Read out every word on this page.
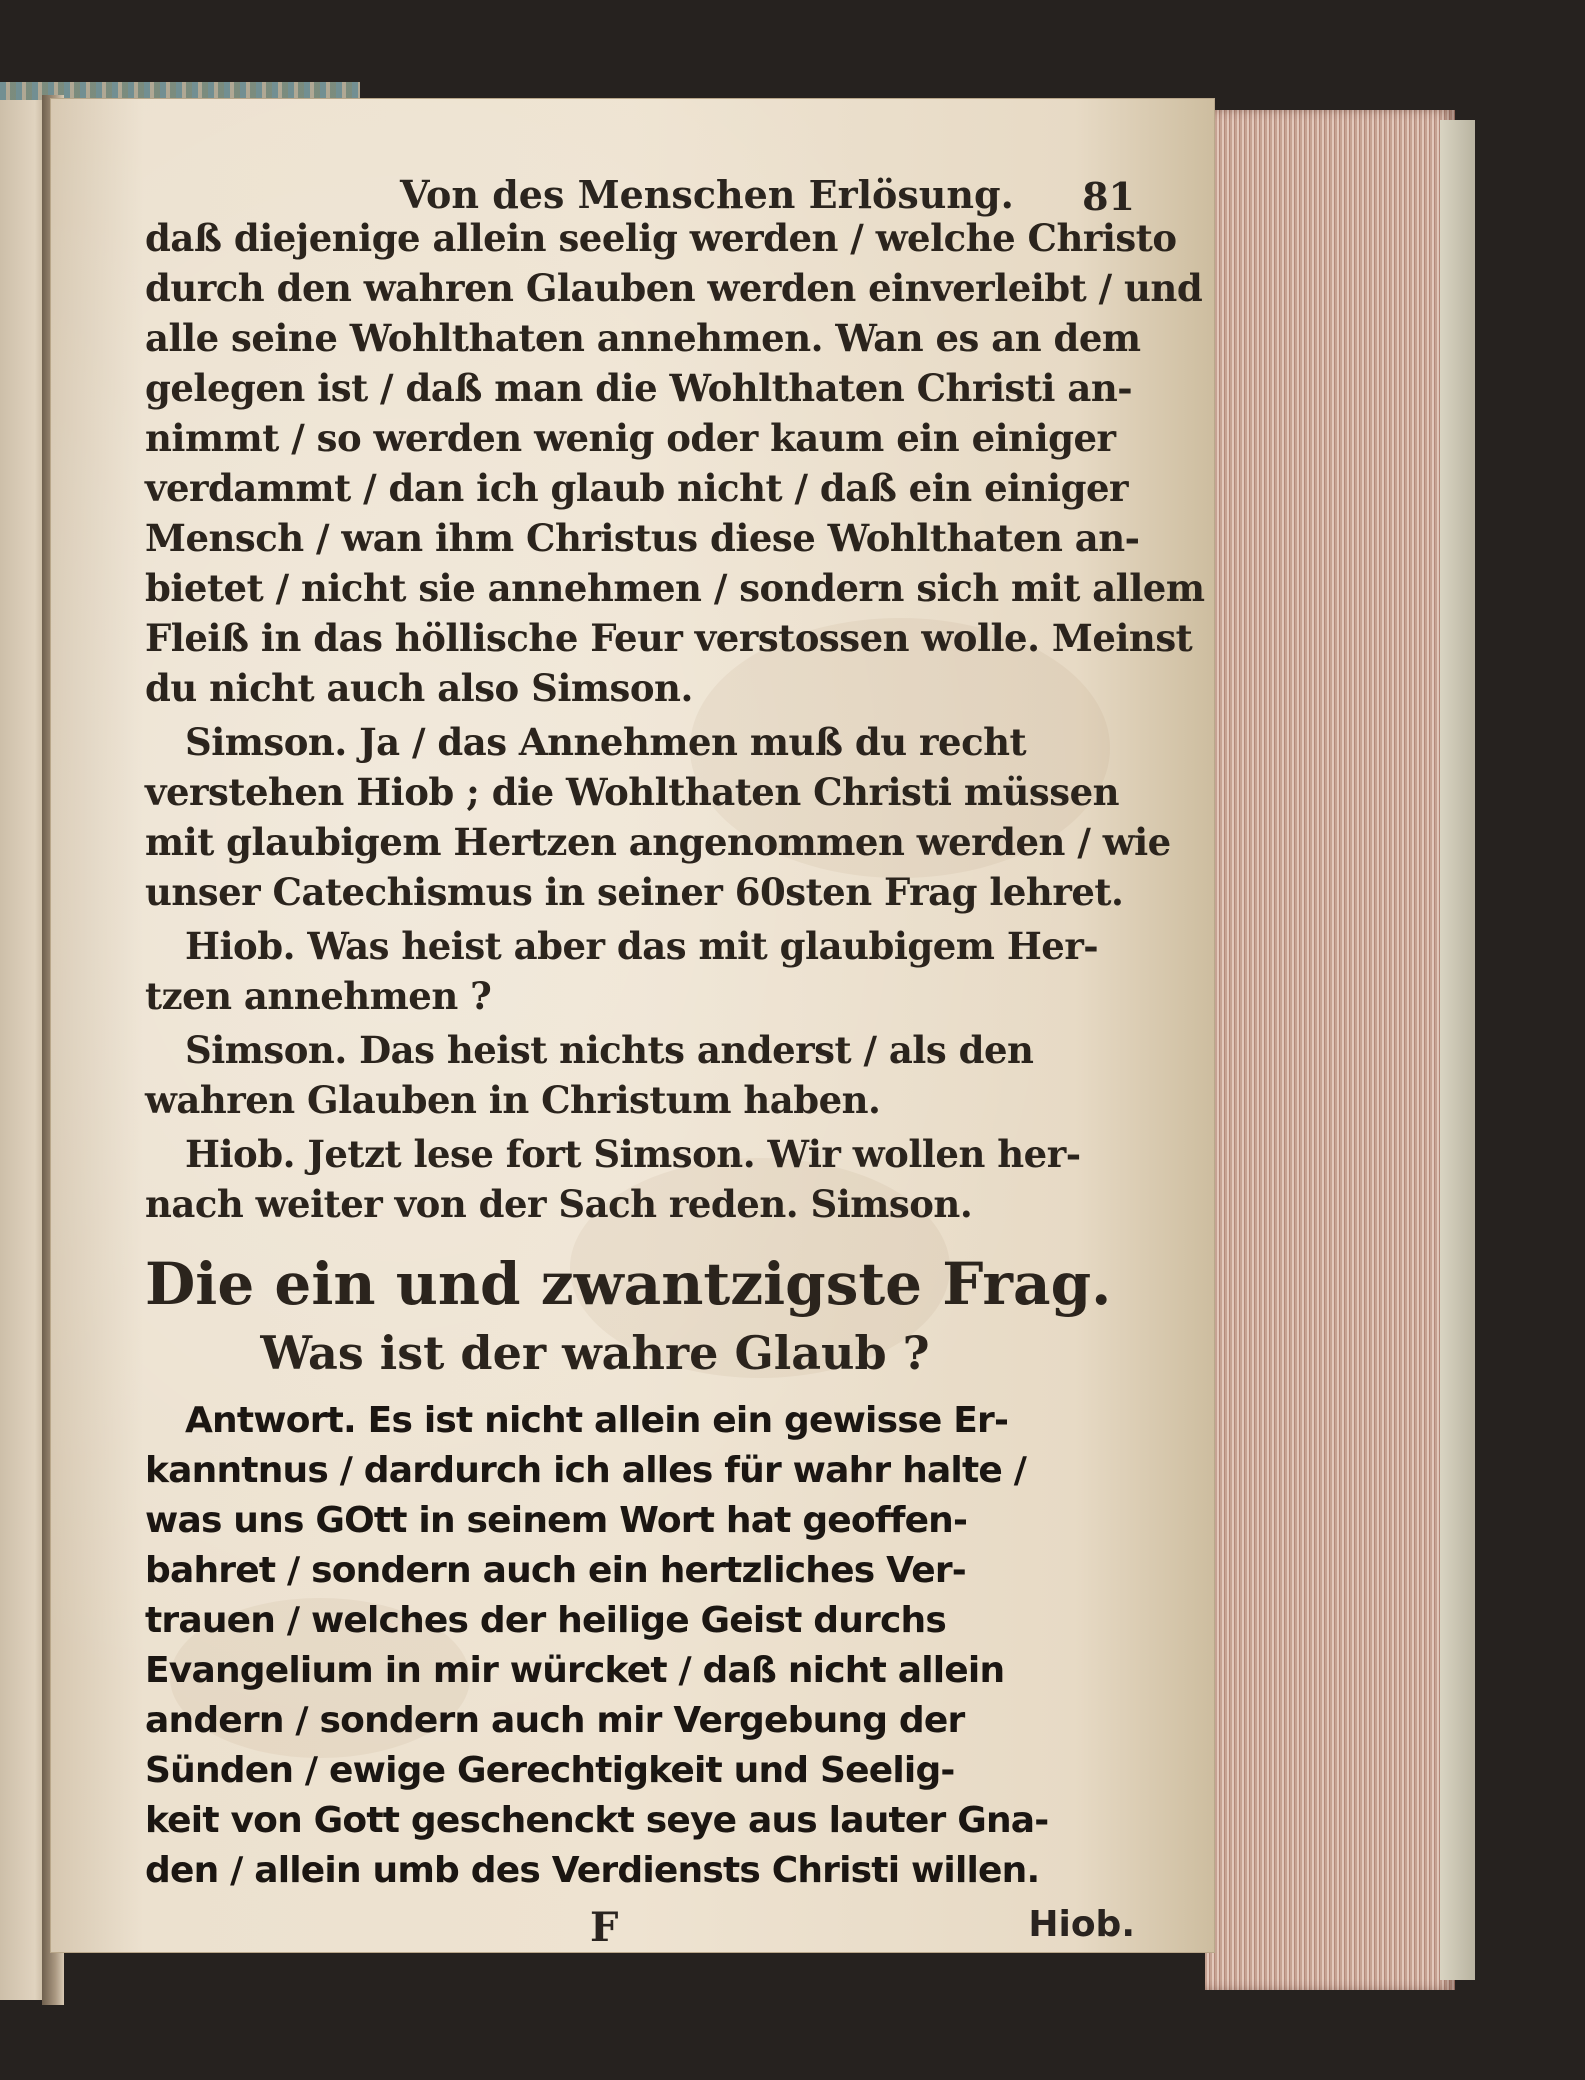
Von des Menschen Erlösung. 81
daß diejenige allein seelig werden / welche Christo
durch den wahren Glauben werden einverleibt / und
alle seine Wohlthaten annehmen. Wan es an dem
gelegen ist / daß man die Wohlthaten Christi an-
nimmt / so werden wenig oder kaum ein einiger
verdammt / dan ich glaub nicht / daß ein einiger
Mensch / wan ihm Christus diese Wohlthaten an-
bietet / nicht sie annehmen / sondern sich mit allem
Fleiß in das höllische Feur verstossen wolle. Meinst
du nicht auch also Simson.
Simson. Ja / das Annehmen muß du recht
verstehen Hiob ; die Wohlthaten Christi müssen
mit glaubigem Hertzen angenommen werden / wie
unser Catechismus in seiner 60sten Frag lehret.
Hiob. Was heist aber das mit glaubigem Her-
tzen annehmen ?
Simson. Das heist nichts anderst / als den
wahren Glauben in Christum haben.
Hiob. Jetzt lese fort Simson. Wir wollen her-
nach weiter von der Sach reden. Simson.
Die ein und zwantzigste Frag.
Was ist der wahre Glaub ?
Antwort. Es ist nicht allein ein gewisse Er-
kanntnus / dardurch ich alles für wahr halte /
was uns GOtt in seinem Wort hat geoffen-
bahret / sondern auch ein hertzliches Ver-
trauen / welches der heilige Geist durchs
Evangelium in mir würcket / daß nicht allein
andern / sondern auch mir Vergebung der
Sünden / ewige Gerechtigkeit und Seelig-
keit von Gott geschenckt seye aus lauter Gna-
den / allein umb des Verdiensts Christi willen.
F	Hiob.
